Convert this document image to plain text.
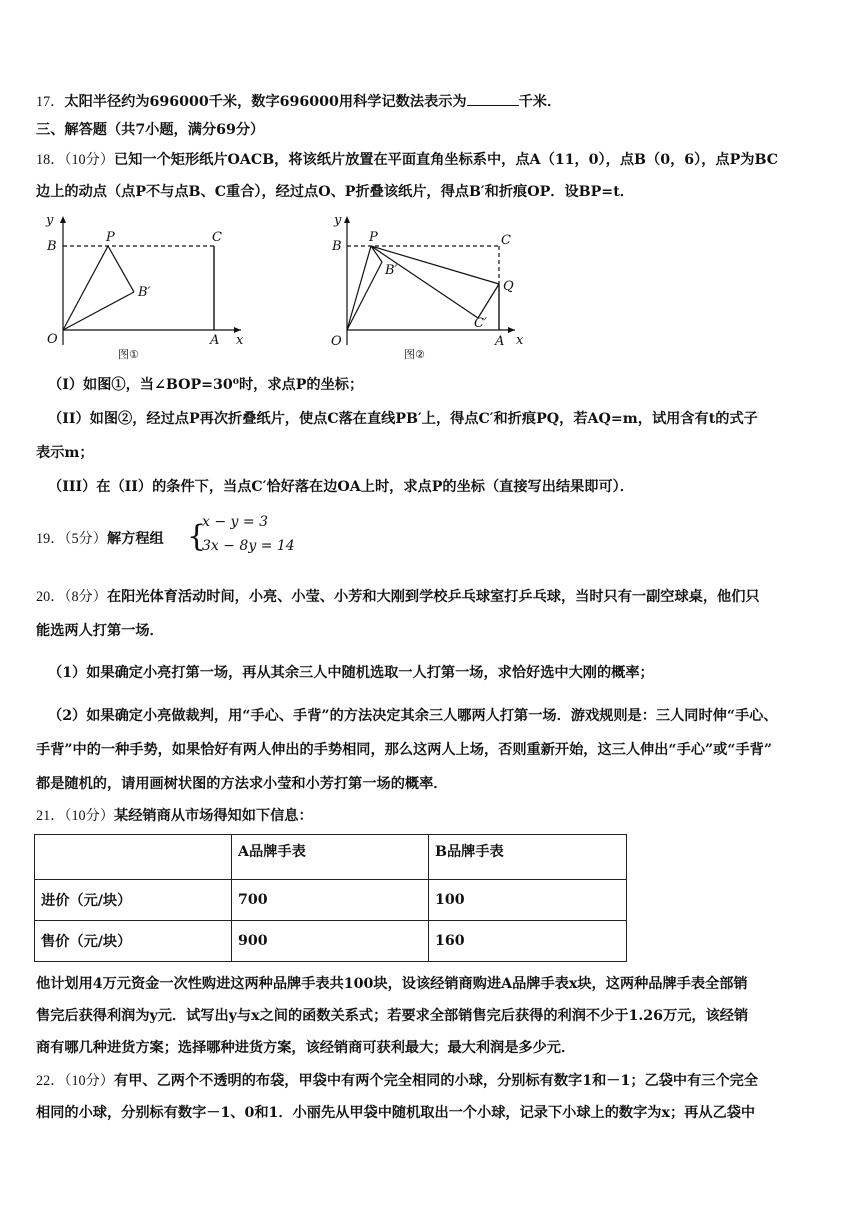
17．太阳半径约为696000千米，数字696000用科学记数法表示为	千米．
三、解答题（共7小题，满分69分）
18．（10分）已知一个矩形纸片OACB，将该纸片放置在平面直角坐标系中，点A（11，0），点B（0，6），点P为BC
边上的动点（点P不与点B、C重合），经过点O、P折叠该纸片，得点B′和折痕OP．设BP=t．
y
x
O	A
B
C
P
B′
图①
y
x
O	A
B	C
P
B′
Q
C′
图②
（I）如图①，当∠BOP=30⁰时，求点P的坐标；
（II）如图②，经过点P再次折叠纸片，使点C落在直线PB′上，得点C′和折痕PQ，若AQ=m，试用含有t的式子
表示m；
（III）在（II）的条件下，当点C′恰好落在边OA上时，求点P的坐标（直接写出结果即可）．
19．（5分）解方程组 {
x − y = 3
3x − 8y = 14
20．（8分）在阳光体育活动时间，小亮、小莹、小芳和大刚到学校乒乓球室打乒乓球，当时只有一副空球桌，他们只
能选两人打第一场．
（1）如果确定小亮打第一场，再从其余三人中随机选取一人打第一场，求恰好选中大刚的概率；
（2）如果确定小亮做裁判，用“手心、手背”的方法决定其余三人哪两人打第一场．游戏规则是：三人同时伸“手心、
手背”中的一种手势，如果恰好有两人伸出的手势相同，那么这两人上场，否则重新开始，这三人伸出“手心”或“手背”
都是随机的，请用画树状图的方法求小莹和小芳打第一场的概率．
21．（10分）某经销商从市场得知如下信息：
	A品牌手表	B品牌手表
进价（元/块）	700	100
售价（元/块）	900	160
他计划用4万元资金一次性购进这两种品牌手表共100块，设该经销商购进A品牌手表x块，这两种品牌手表全部销
售完后获得利润为y元．试写出y与x之间的函数关系式；若要求全部销售完后获得的利润不少于1.26万元，该经销
商有哪几种进货方案；选择哪种进货方案，该经销商可获利最大；最大利润是多少元．
22．（10分）有甲、乙两个不透明的布袋，甲袋中有两个完全相同的小球，分别标有数字1和－1；乙袋中有三个完全
相同的小球，分别标有数字－1、0和1．小丽先从甲袋中随机取出一个小球，记录下小球上的数字为x；再从乙袋中
